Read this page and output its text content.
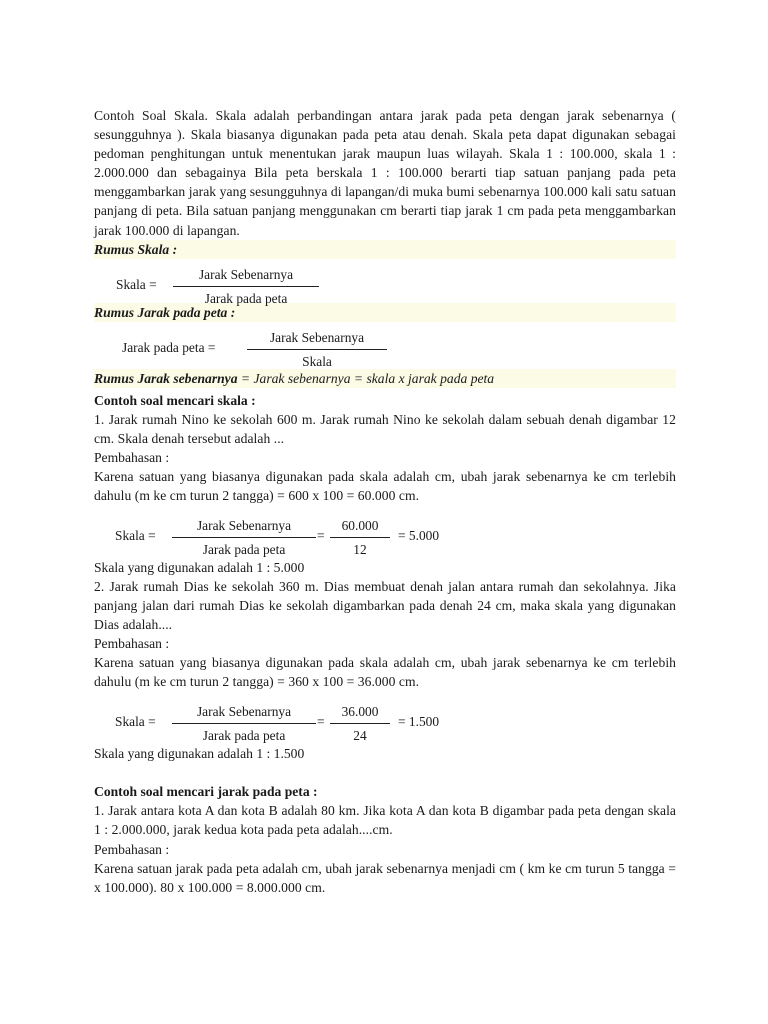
Contoh Soal Skala. Skala adalah perbandingan antara jarak pada peta dengan jarak sebenarnya ( sesungguhnya ). Skala biasanya digunakan pada peta atau denah. Skala peta dapat digunakan sebagai pedoman penghitungan untuk menentukan jarak maupun luas wilayah. Skala 1 : 100.000, skala 1 : 2.000.000 dan sebagainya Bila peta berskala 1 : 100.000 berarti tiap satuan panjang pada peta menggambarkan jarak yang sesungguhnya di lapangan/di muka bumi sebenarnya 100.000 kali satu satuan panjang di peta. Bila satuan panjang menggunakan cm berarti tiap jarak 1 cm pada peta menggambarkan jarak 100.000 di lapangan.

Rumus Skala :

Skala =
Jarak Sebenarnya
Jarak pada peta

Rumus Jarak pada peta :

Jarak pada peta =
Jarak Sebenarnya
Skala

Rumus Jarak sebenarnya = Jarak sebenarnya = skala x jarak pada peta

Contoh soal mencari skala :

1. Jarak rumah Nino ke sekolah 600 m. Jarak rumah Nino ke sekolah dalam sebuah denah digambar 12 cm. Skala denah tersebut adalah ...

Pembahasan :

Karena satuan yang biasanya digunakan pada skala adalah cm, ubah jarak sebenarnya ke cm terlebih dahulu (m ke cm turun 2 tangga) = 600 x 100 = 60.000 cm.

Skala =
Jarak Sebenarnya
Jarak pada peta
= $\frac{60.000}{12} = 5.000$

Skala yang digunakan adalah 1 : 5.000

2. Jarak rumah Dias ke sekolah 360 m. Dias membuat denah jalan antara rumah dan sekolahnya. Jika panjang jalan dari rumah Dias ke sekolah digambarkan pada denah 24 cm, maka skala yang digunakan Dias adalah....

Pembahasan :

Karena satuan yang biasanya digunakan pada skala adalah cm, ubah jarak sebenarnya ke cm terlebih dahulu (m ke cm turun 2 tangga) = 360 x 100 = 36.000 cm.

Skala =
Jarak Sebenarnya
Jarak pada peta
= $\frac{36.000}{24} = 1.500$

Skala yang digunakan adalah 1 : 1.500

Contoh soal mencari jarak pada peta :

1. Jarak antara kota A dan kota B adalah 80 km. Jika kota A dan kota B digambar pada peta dengan skala 1 : 2.000.000, jarak kedua kota pada peta adalah....cm.

Pembahasan :

Karena satuan jarak pada peta adalah cm, ubah jarak sebenarnya menjadi cm ( km ke cm turun 5 tangga = x 100.000). 80 x 100.000 = 8.000.000 cm.
